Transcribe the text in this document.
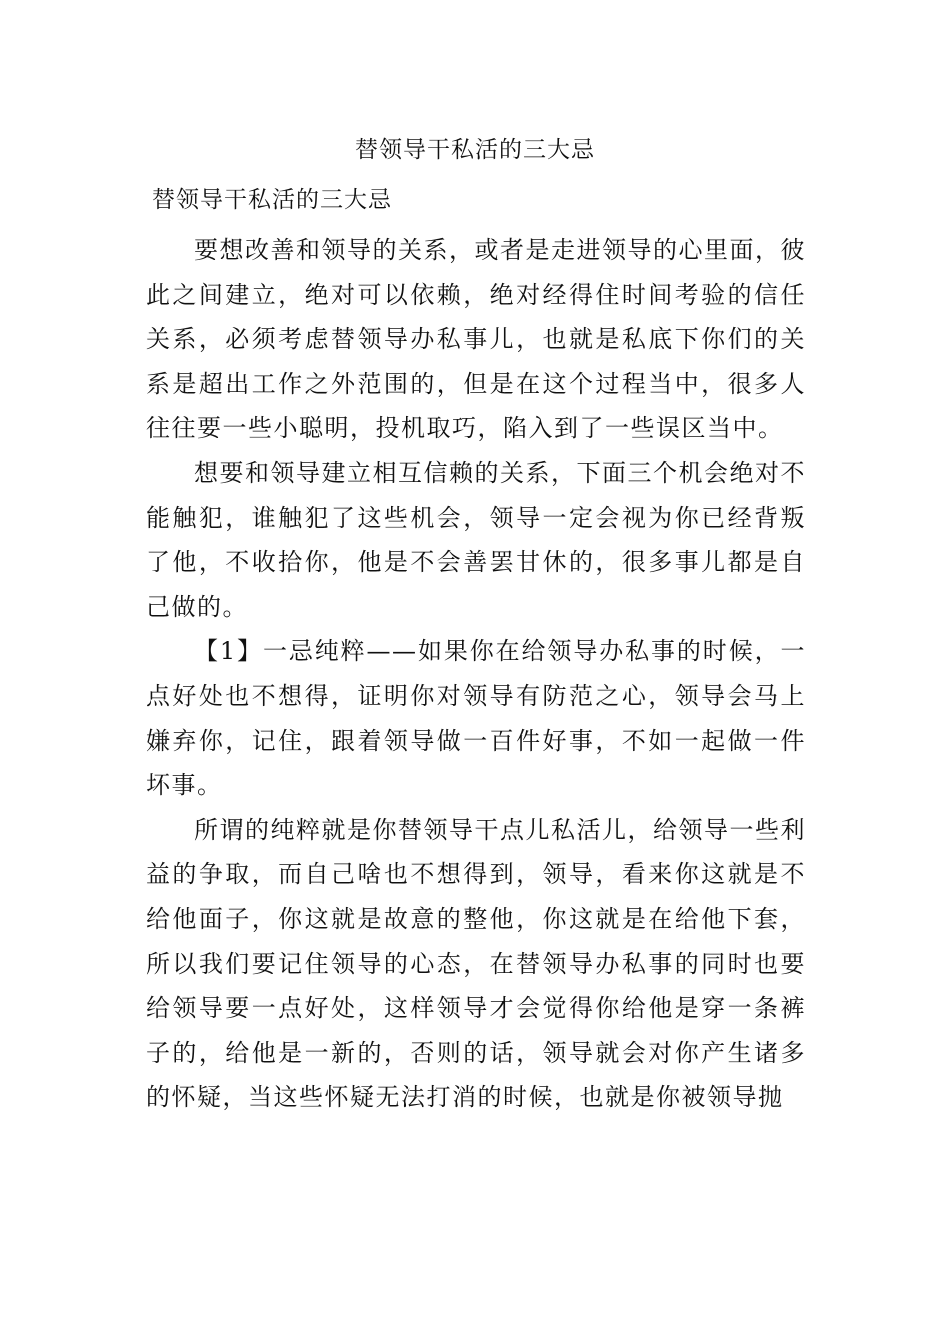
替领导干私活的三大忌
替领导干私活的三大忌

要想改善和领导的关系，或者是走进领导的心里面，彼此之间建立，绝对可以依赖，绝对经得住时间考验的信任关系，必须考虑替领导办私事儿，也就是私底下你们的关系是超出工作之外范围的，但是在这个过程当中，很多人往往要一些小聪明，投机取巧，陷入到了一些误区当中。

想要和领导建立相互信赖的关系，下面三个机会绝对不能触犯，谁触犯了这些机会，领导一定会视为你已经背叛了他，不收拾你，他是不会善罢甘休的，很多事儿都是自己做的。

【1】一忌纯粹——如果你在给领导办私事的时候，一点好处也不想得，证明你对领导有防范之心，领导会马上嫌弃你，记住，跟着领导做一百件好事，不如一起做一件坏事。

所谓的纯粹就是你替领导干点儿私活儿，给领导一些利益的争取，而自己啥也不想得到，领导，看来你这就是不给他面子，你这就是故意的整他，你这就是在给他下套，所以我们要记住领导的心态，在替领导办私事的同时也要给领导要一点好处，这样领导才会觉得你给他是穿一条裤子的，给他是一新的，否则的话，领导就会对你产生诸多的怀疑，当这些怀疑无法打消的时候，也就是你被领导抛
